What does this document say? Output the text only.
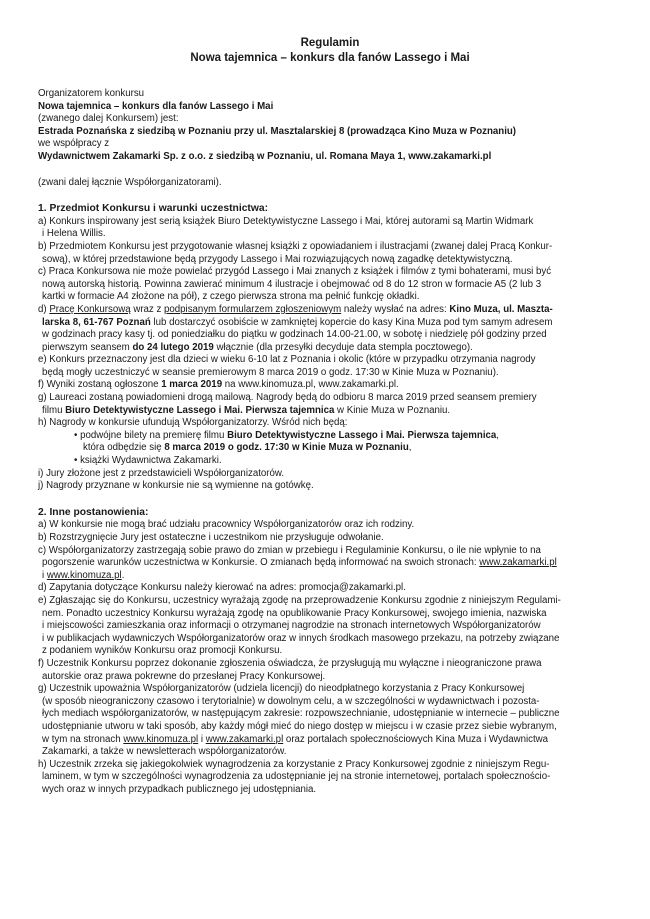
Regulamin
Nowa tajemnica – konkurs dla fanów Lassego i Mai

Organizatorem konkursu

Nowa tajemnica – konkurs dla fanów Lassego i Mai

(zwanego dalej Konkursem) jest:

Estrada Poznańska z siedzibą w Poznaniu przy ul. Masztalarskiej 8 (prowadząca Kino Muza w Poznaniu)

we współpracy z

Wydawnictwem Zakamarki Sp. z o.o. z siedzibą w Poznaniu, ul. Romana Maya 1, www.zakamarki.pl

(zwani dalej łącznie Współorganizatorami).

1. Przedmiot Konkursu i warunki uczestnictwa:

a) Konkurs inspirowany jest serią książek Biuro Detektywistyczne Lassego i Mai, której autorami są Martin Widmark

i Helena Willis.

b) Przedmiotem Konkursu jest przygotowanie własnej książki z opowiadaniem i ilustracjami (zwanej dalej Pracą Konkur-

sową), w której przedstawione będą przygody Lassego i Mai rozwiązujących nową zagadkę detektywistyczną.

c) Praca Konkursowa nie może powielać przygód Lassego i Mai znanych z książek i filmów z tymi bohaterami, musi być

nową autorską historią. Powinna zawierać minimum 4 ilustracje i obejmować od 8 do 12 stron w formacie A5 (2 lub 3

kartki w formacie A4 złożone na pół), z czego pierwsza strona ma pełnić funkcję okładki.

d) Pracę Konkursową wraz z podpisanym formularzem zgłoszeniowym należy wysłać na adres: Kino Muza, ul. Maszta-

larska 8, 61-767 Poznań lub dostarczyć osobiście w zamkniętej kopercie do kasy Kina Muza pod tym samym adresem

w godzinach pracy kasy tj. od poniedziałku do piątku w godzinach 14.00-21.00, w sobotę i niedzielę pół godziny przed

pierwszym seansem do 24 lutego 2019 włącznie (dla przesyłki decyduje data stempla pocztowego).

e) Konkurs przeznaczony jest dla dzieci w wieku 6-10 lat z Poznania i okolic (które w przypadku otrzymania nagrody

będą mogły uczestniczyć w seansie premierowym 8 marca 2019 o godz. 17:30 w Kinie Muza w Poznaniu).

f) Wyniki zostaną ogłoszone 1 marca 2019 na www.kinomuza.pl, www.zakamarki.pl.

g) Laureaci zostaną powiadomieni drogą mailową. Nagrody będą do odbioru 8 marca 2019 przed seansem premiery

filmu Biuro Detektywistyczne Lassego i Mai. Pierwsza tajemnica w Kinie Muza w Poznaniu.

h) Nagrody w konkursie ufundują Współorganizatorzy. Wśród nich będą:

• podwójne bilety na premierę filmu Biuro Detektywistyczne Lassego i Mai. Pierwsza tajemnica,

która odbędzie się 8 marca 2019 o godz. 17:30 w Kinie Muza w Poznaniu,

• książki Wydawnictwa Zakamarki.

i) Jury złożone jest z przedstawicieli Współorganizatorów.

j) Nagrody przyznane w konkursie nie są wymienne na gotówkę.

2. Inne postanowienia:

a) W konkursie nie mogą brać udziału pracownicy Współorganizatorów oraz ich rodziny.

b) Rozstrzygnięcie Jury jest ostateczne i uczestnikom nie przysługuje odwołanie.

c) Współorganizatorzy zastrzegają sobie prawo do zmian w przebiegu i Regulaminie Konkursu, o ile nie wpłynie to na

pogorszenie warunków uczestnictwa w Konkursie. O zmianach będą informować na swoich stronach: www.zakamarki.pl

i www.kinomuza.pl.

d) Zapytania dotyczące Konkursu należy kierować na adres: promocja@zakamarki.pl.

e) Zgłaszając się do Konkursu, uczestnicy wyrażają zgodę na przeprowadzenie Konkursu zgodnie z niniejszym Regulami-

nem. Ponadto uczestnicy Konkursu wyrażają zgodę na opublikowanie Pracy Konkursowej, swojego imienia, nazwiska

i miejscowości zamieszkania oraz informacji o otrzymanej nagrodzie na stronach internetowych Współorganizatorów

i w publikacjach wydawniczych Współorganizatorów oraz w innych środkach masowego przekazu, na potrzeby związane

z podaniem wyników Konkursu oraz promocji Konkursu.

f) Uczestnik Konkursu poprzez dokonanie zgłoszenia oświadcza, że przysługują mu wyłączne i nieograniczone prawa

autorskie oraz prawa pokrewne do przesłanej Pracy Konkursowej.

g) Uczestnik upoważnia Współorganizatorów (udziela licencji) do nieodpłatnego korzystania z Pracy Konkursowej

(w sposób nieograniczony czasowo i terytorialnie) w dowolnym celu, a w szczególności w wydawnictwach i pozosta-

łych mediach współorganizatorów, w następującym zakresie: rozpowszechnianie, udostępnianie w internecie – publiczne

udostępnianie utworu w taki sposób, aby każdy mógł mieć do niego dostęp w miejscu i w czasie przez siebie wybranym,

w tym na stronach www.kinomuza.pl i www.zakamarki.pl oraz portalach społecznościowych Kina Muza i Wydawnictwa

Zakamarki, a także w newsletterach współorganizatorów.

h) Uczestnik zrzeka się jakiegokolwiek wynagrodzenia za korzystanie z Pracy Konkursowej zgodnie z niniejszym Regu-

laminem, w tym w szczególności wynagrodzenia za udostępnianie jej na stronie internetowej, portalach społecznościo-

wych oraz w innych przypadkach publicznego jej udostępniania.
